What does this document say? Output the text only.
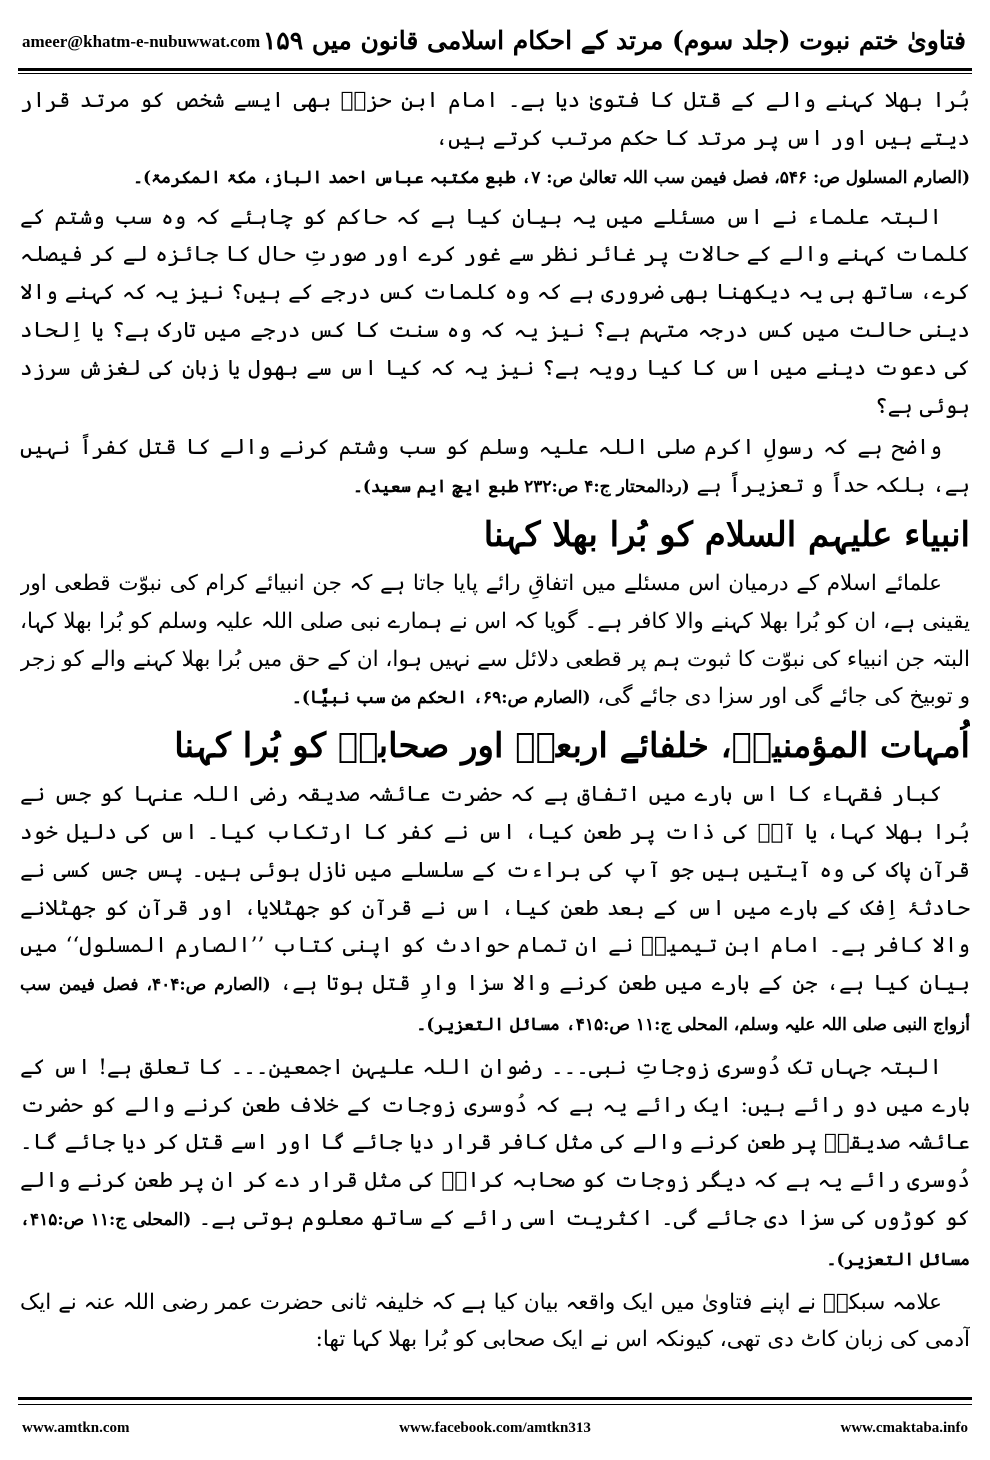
فتاویٰ ختم نبوت (جلد سوم) مرتد کے احکام اسلامی قانون میں ۱۵۹
ameer@khatm-e-nubuwwat.com

بُرا بھلا کہنے والے کے قتل کا فتویٰ دیا ہے۔ امام ابن حزمؒ بھی ایسے شخص کو مرتد قرار دیتے ہیں اور اس پر مرتد کا حکم مرتب کرتے ہیں،

(الصارم المسلول ص: ۵۴۶، فصل فیمن سب اللہ تعالیٰ ص: ۷، طبع مکتبہ عباس احمد الباز، مکۃ المکرمۃ)۔

البتہ علماء نے اس مسئلے میں یہ بیان کیا ہے کہ حاکم کو چاہئے کہ وہ سب وشتم کے کلمات کہنے والے کے حالات پر غائر نظر سے غور کرے اور صورتِ حال کا جائزہ لے کر فیصلہ کرے، ساتھ ہی یہ دیکھنا بھی ضروری ہے کہ وہ کلمات کس درجے کے ہیں؟ نیز یہ کہ کہنے والا دینی حالت میں کس درجہ متہم ہے؟ نیز یہ کہ وہ سنت کا کس درجے میں تارک ہے؟ یا اِلحاد کی دعوت دینے میں اس کا کیا رویہ ہے؟ نیز یہ کہ کیا اس سے بھول یا زبان کی لغزش سرزد ہوئی ہے؟

واضح ہے کہ رسولِ اکرم صلی اللہ علیہ وسلم کو سب وشتم کرنے والے کا قتل کفراً نہیں ہے، بلکہ حداً و تعزیراً ہے (ردالمحتار ج:۴ ص:۲۳۲ طبع ایچ ایم سعید)۔

انبیاء علیہم السلام کو بُرا بھلا کہنا

علمائے اسلام کے درمیان اس مسئلے میں اتفاقِ رائے پایا جاتا ہے کہ جن انبیائے کرام کی نبوّت قطعی اور یقینی ہے، ان کو بُرا بھلا کہنے والا کافر ہے۔ گویا کہ اس نے ہمارے نبی صلی اللہ علیہ وسلم کو بُرا بھلا کہا، البتہ جن انبیاء کی نبوّت کا ثبوت ہم پر قطعی دلائل سے نہیں ہوا، ان کے حق میں بُرا بھلا کہنے والے کو زجر و توبیخ کی جائے گی اور سزا دی جائے گی، (الصارم ص:۶۹، الحکم من سب نبیًّا)۔

اُمہات المؤمنینؓ، خلفائے اربعہؓ اور صحابہؓ کو بُرا کہنا

کبار فقہاء کا اس بارے میں اتفاق ہے کہ حضرت عائشہ صدیقہ رضی اللہ عنہا کو جس نے بُرا بھلا کہا، یا آپؓ کی ذات پر طعن کیا، اس نے کفر کا ارتکاب کیا۔ اس کی دلیل خود قرآن پاک کی وہ آیتیں ہیں جو آپ کی براءت کے سلسلے میں نازل ہوئی ہیں۔ پس جس کسی نے حادثۂ اِفک کے بارے میں اس کے بعد طعن کیا، اس نے قرآن کو جھٹلایا، اور قرآن کو جھٹلانے والا کافر ہے۔ امام ابن تیمیہؒ نے ان تمام حوادث کو اپنی کتاب ’’الصارم المسلول‘‘ میں بیان کیا ہے، جن کے بارے میں طعن کرنے والا سزا وارِ قتل ہوتا ہے، (الصارم ص:۴۰۴، فصل فیمن سب أزواج النبی صلی اللہ علیہ وسلم، المحلی ج:۱۱ ص:۴۱۵، مسائل التعزیر)۔

البتہ جہاں تک دُوسری زوجاتِ نبی۔۔۔ رضوان اللہ علیہن اجمعین۔۔۔ کا تعلق ہے! اس کے بارے میں دو رائے ہیں: ایک رائے یہ ہے کہ دُوسری زوجات کے خلاف طعن کرنے والے کو حضرت عائشہ صدیقہؓ پر طعن کرنے والے کی مثل کافر قرار دیا جائے گا اور اسے قتل کر دیا جائے گا۔ دُوسری رائے یہ ہے کہ دیگر زوجات کو صحابہ کرامؓ کی مثل قرار دے کر ان پر طعن کرنے والے کو کوڑوں کی سزا دی جائے گی۔ اکثریت اسی رائے کے ساتھ معلوم ہوتی ہے۔ (المحلی ج:۱۱ ص:۴۱۵، مسائل التعزیر)۔

علامہ سبکیؒ نے اپنے فتاویٰ میں ایک واقعہ بیان کیا ہے کہ خلیفہ ثانی حضرت عمر رضی اللہ عنہ نے ایک آدمی کی زبان کاٹ دی تھی، کیونکہ اس نے ایک صحابی کو بُرا بھلا کہا تھا:

www.amtkn.com	www.facebook.com/amtkn313	www.cmaktaba.info
